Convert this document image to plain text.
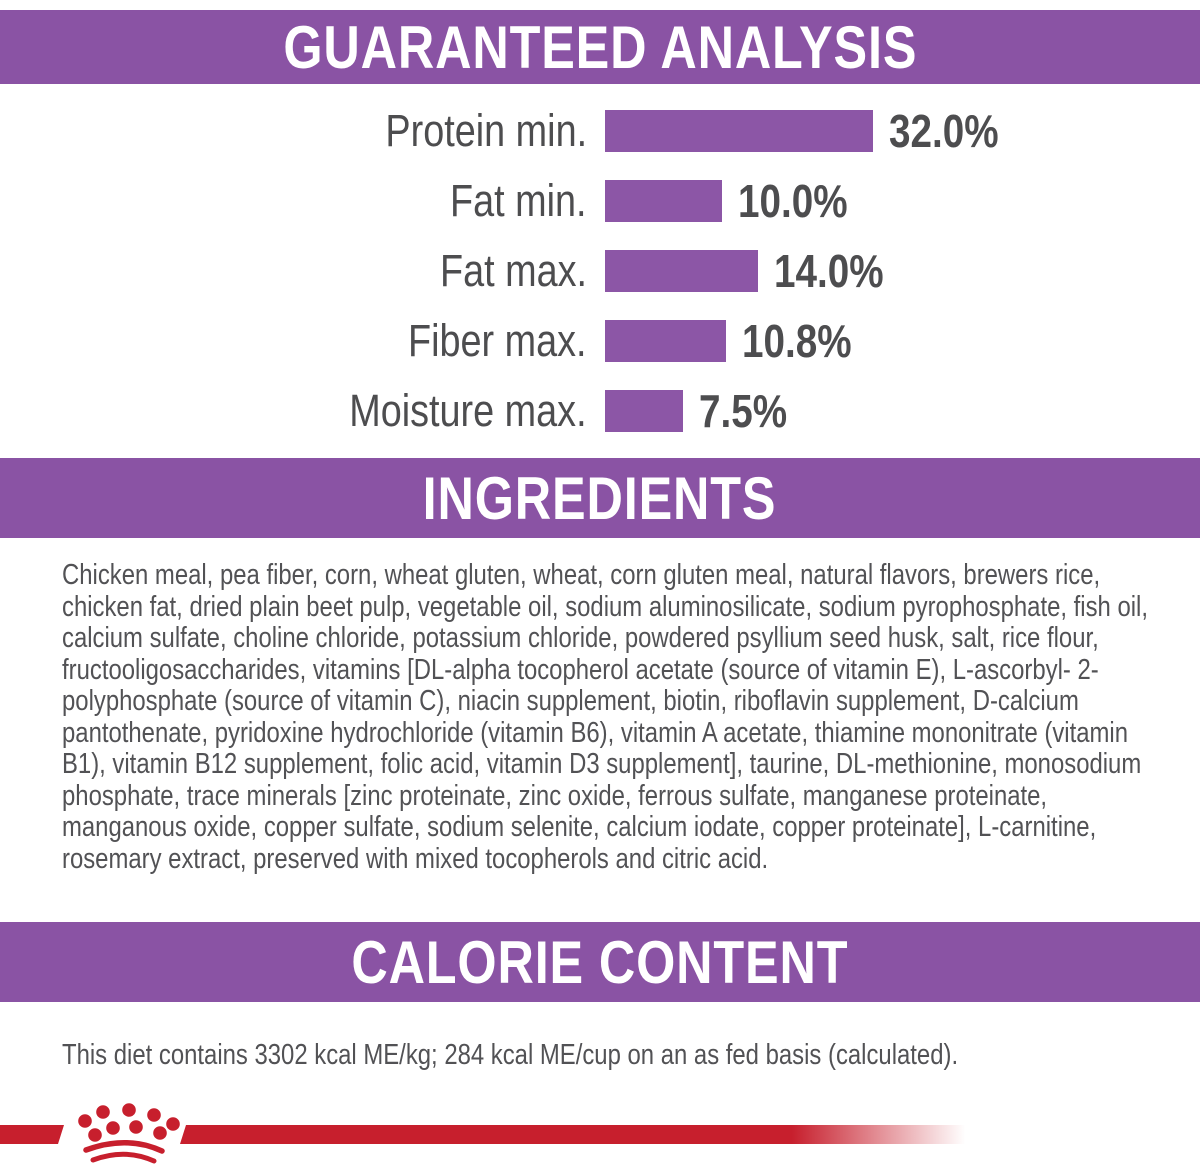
GUARANTEED ANALYSIS
Protein min.	32.0%
Fat min.	10.0%
Fat max.	14.0%
Fiber max.	10.8%
Moisture max. 7.5%
INGREDIENTS
Chicken meal, pea fiber, corn, wheat gluten, wheat, corn gluten meal, natural flavors, brewers rice, chicken fat, dried plain beet pulp, vegetable oil, sodium aluminosilicate, sodium pyrophosphate, fish oil, calcium sulfate, choline chloride, potassium chloride, powdered psyllium seed husk, salt, rice flour, fructooligosaccharides, vitamins [DL-alpha tocopherol acetate (source of vitamin E), L-ascorbyl- 2-polyphosphate (source of vitamin C), niacin supplement, biotin, riboflavin supplement, D-calcium pantothenate, pyridoxine hydrochloride (vitamin B6), vitamin A acetate, thiamine mononitrate (vitamin B1), vitamin B12 supplement, folic acid, vitamin D3 supplement], taurine, DL-methionine, monosodium phosphate, trace minerals [zinc proteinate, zinc oxide, ferrous sulfate, manganese proteinate, manganous oxide, copper sulfate, sodium selenite, calcium iodate, copper proteinate], L-carnitine, rosemary extract, preserved with mixed tocopherols and citric acid.
CALORIE CONTENT
This diet contains 3302 kcal ME/kg; 284 kcal ME/cup on an as fed basis (calculated).
